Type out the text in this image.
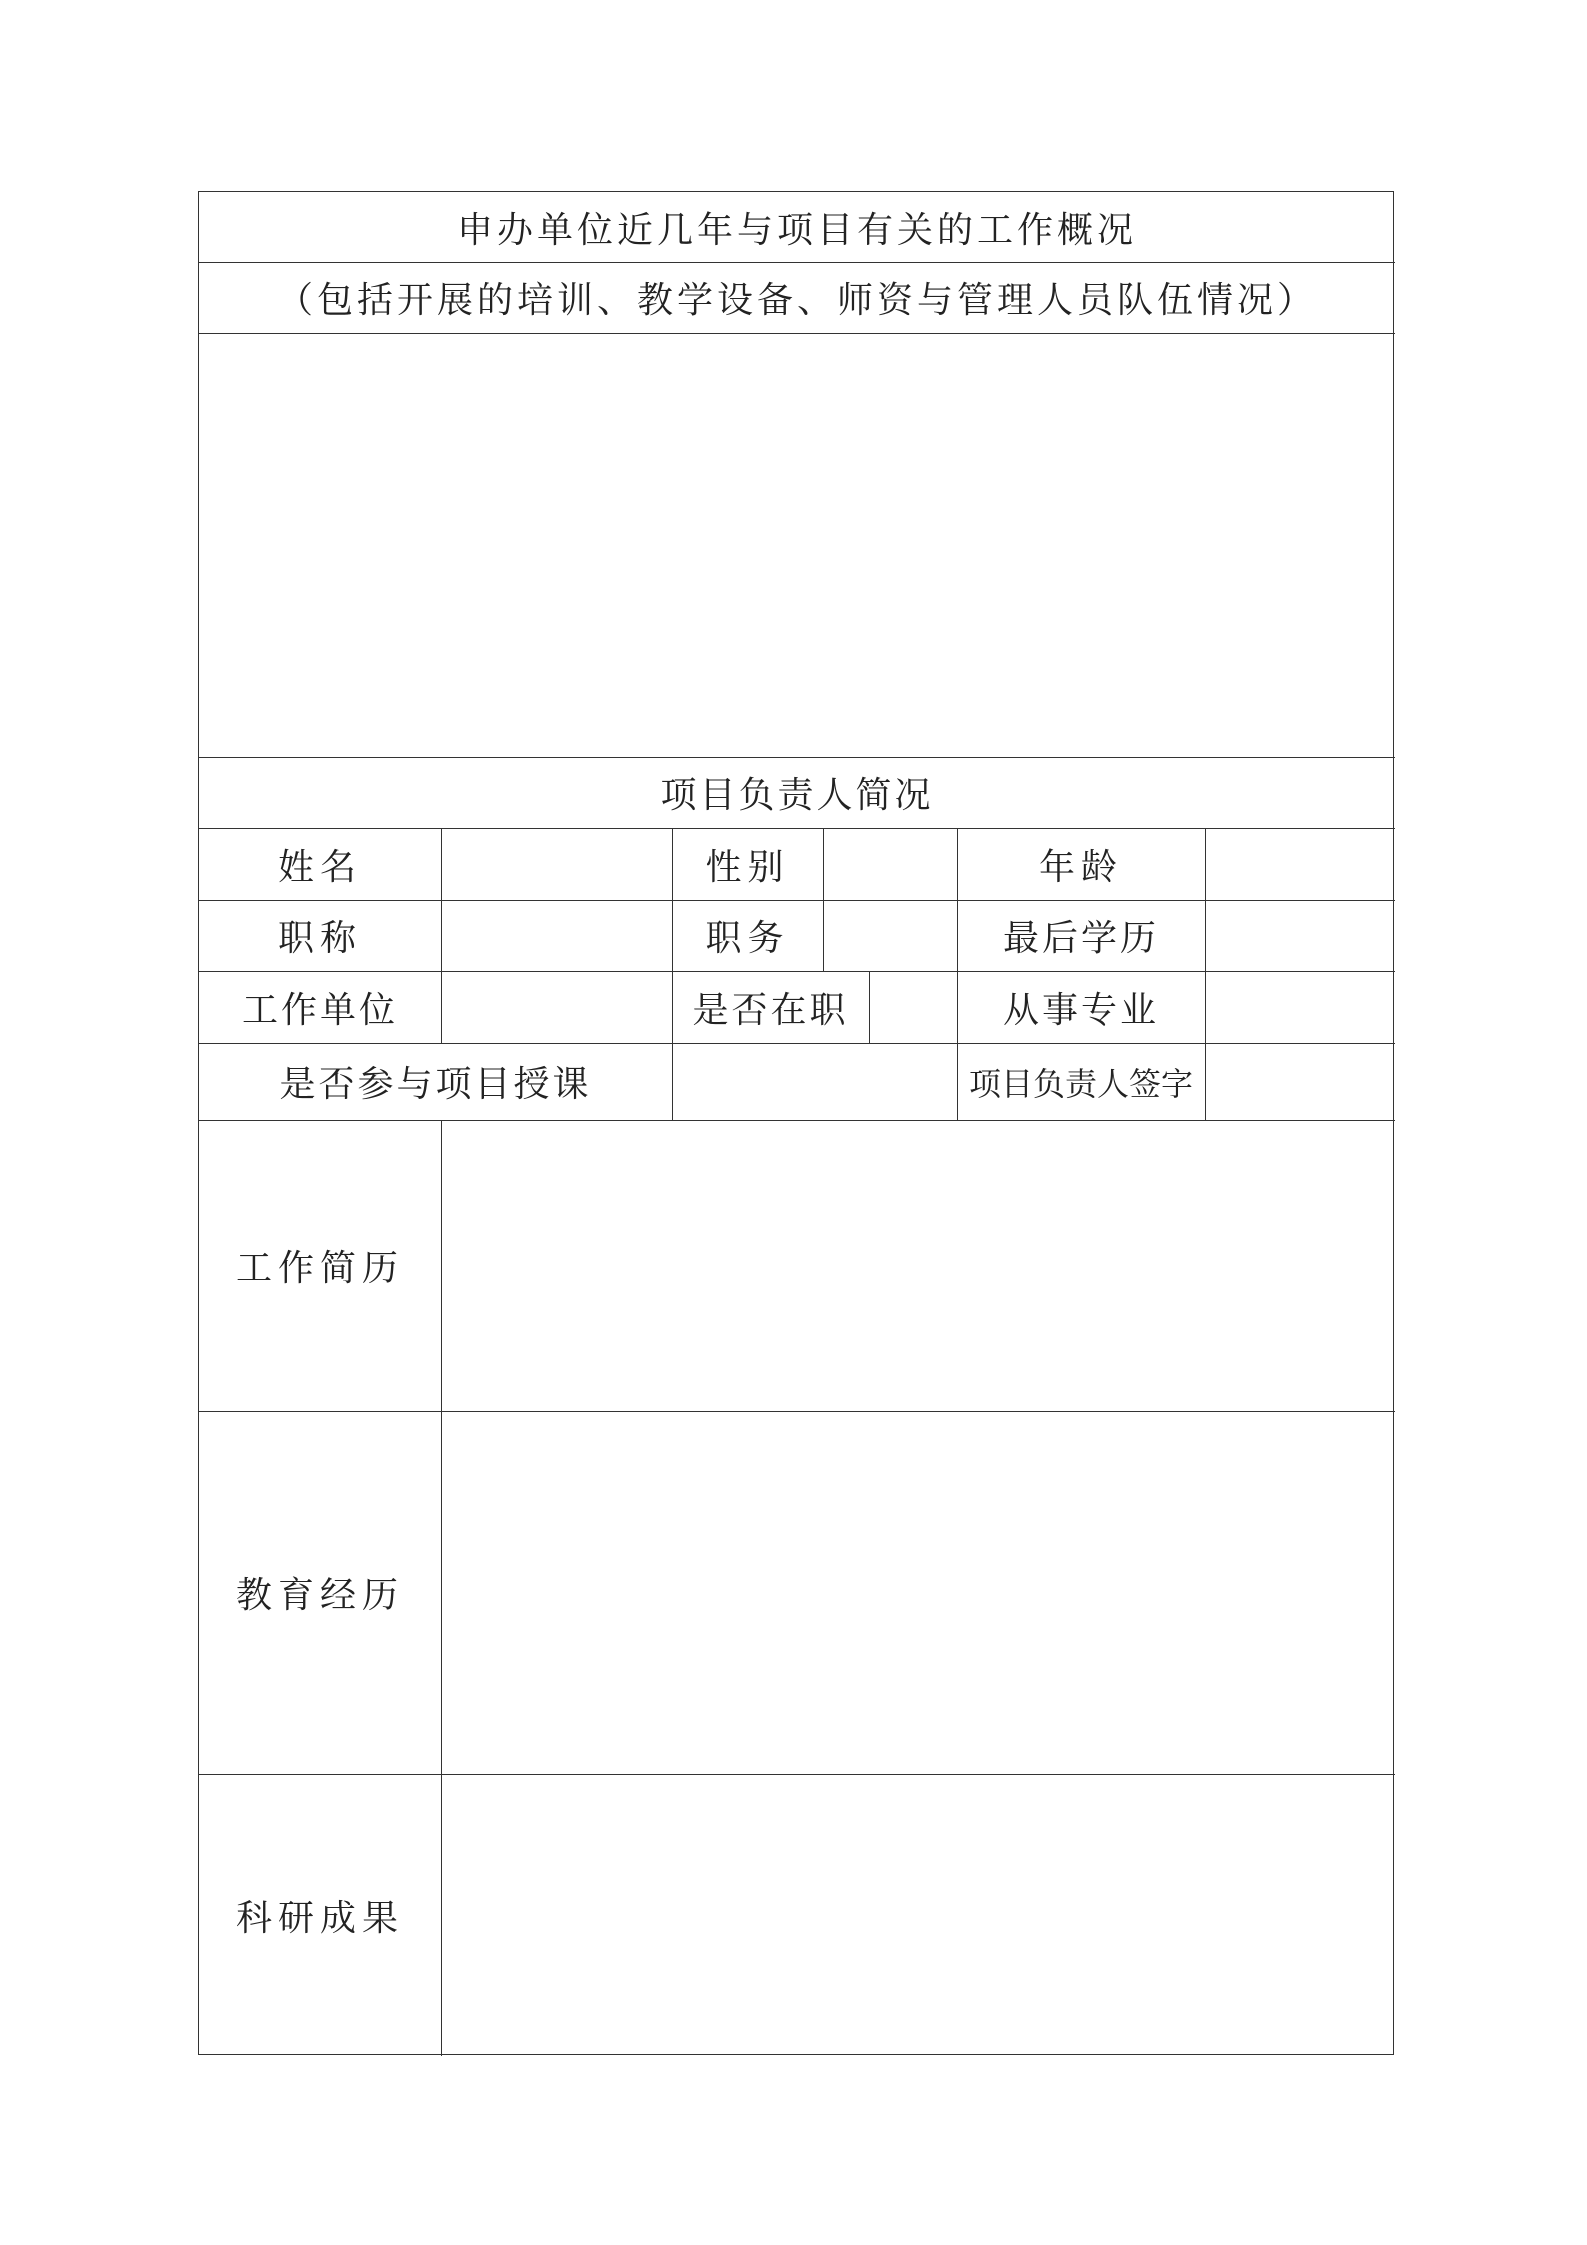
申办单位近几年与项目有关的工作概况
（包括开展的培训、教学设备、师资与管理人员队伍情况）
项目负责人简况
姓名	性别	年龄
职称	职务	最后学历
工作单位	是否在职	从事专业
是否参与项目授课	项目负责人签字
工作简历
教育经历
科研成果
